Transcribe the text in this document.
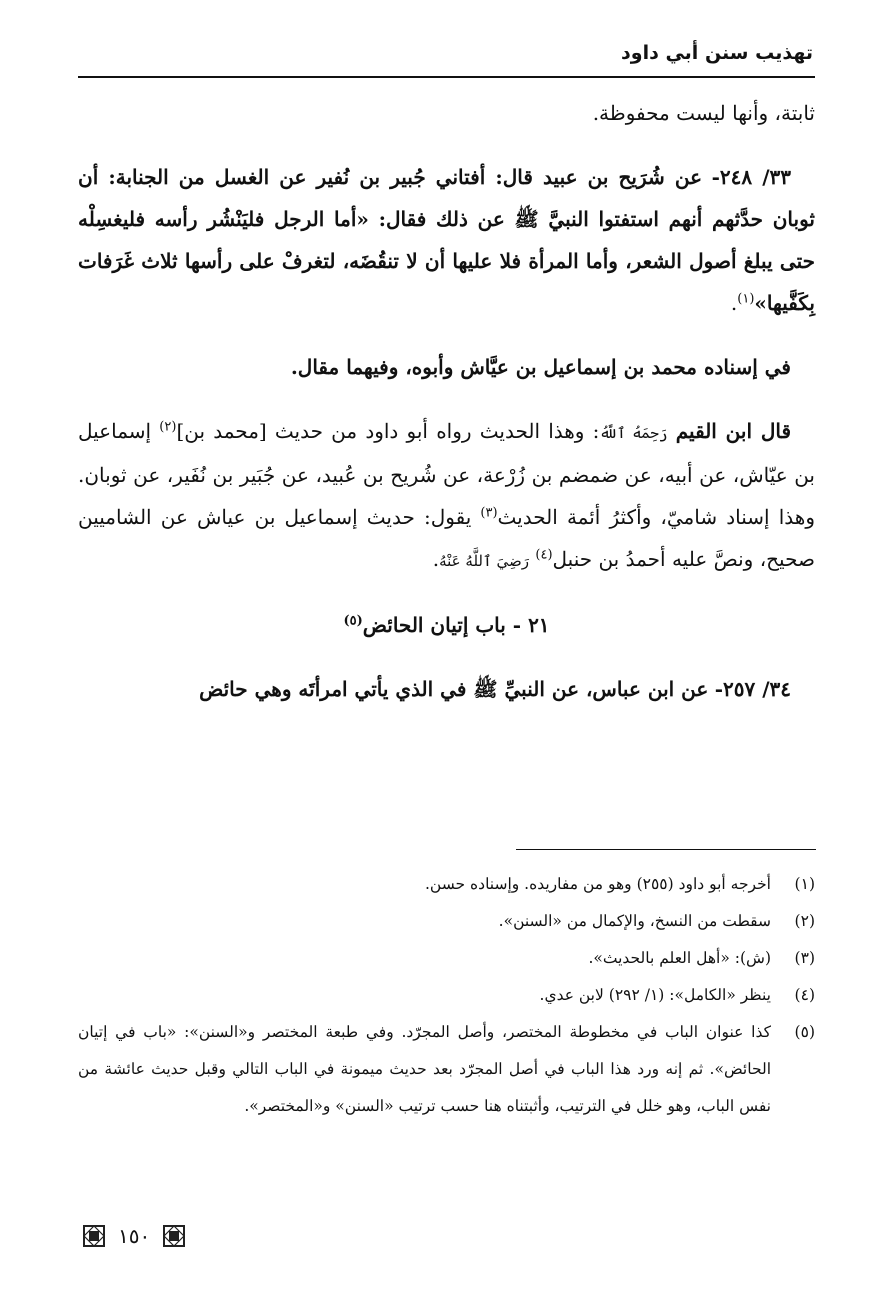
تهذيب سنن أبي داود

ثابتة، وأنها ليست محفوظة.

٣٣/ ٢٤٨- عن شُرَيح بن عبيد قال: أفتاني جُبير بن نُفير عن الغسل من الجنابة: أن ثوبان حدَّثهم أنهم استفتوا النبيَّ ﷺ عن ذلك فقال: «أما الرجل فليَنْشُر رأسه فليغسِلْه حتى يبلغ أصول الشعر، وأما المرأة فلا عليها أن لا تنقُضَه، لتغرفْ على رأسها ثلاث غَرَفات بِكَفَّيها»$^{(١)}$.

في إسناده محمد بن إسماعيل بن عيَّاش وأبوه، وفيهما مقال.

قال ابن القيم رَحِمَهُ ٱللَّهُ: وهذا الحديث رواه أبو داود من حديث [محمد بن]$^{(٢)}$ إسماعيل بن عيّاش، عن أبيه، عن ضمضم بن زُرْعة، عن شُريح بن عُبيد، عن جُبَير بن نُفَير، عن ثوبان. وهذا إسناد شاميّ، وأكثرُ أئمة الحديث$^{(٣)}$ يقول: حديث إسماعيل بن عياش عن الشاميين صحيح، ونصَّ عليه أحمدُ بن حنبل$^{(٤)}$ رَضِيَ ٱللَّهُ عَنْهُ.

٢١ - باب إتيان الحائض$^{(٥)}$

٣٤/ ٢٥٧- عن ابن عباس، عن النبيِّ ﷺ في الذي يأتي امرأتَه وهي حائض

(١)
أخرجه أبو داود (٢٥٥) وهو من مفاريده. وإسناده حسن.
(٢)
سقطت من النسخ، والإكمال من «السنن».
(٣)
(ش): «أهل العلم بالحديث».
(٤)
ينظر «الكامل»: (١/ ٢٩٢) لابن عدي.
(٥)
كذا عنوان الباب في مخطوطة المختصر، وأصل المجرّد. وفي طبعة المختصر و«السنن»: «باب في إتيان الحائض». ثم إنه ورد هذا الباب في أصل المجرّد بعد حديث ميمونة في الباب التالي وقبل حديث عائشة من نفس الباب، وهو خلل في الترتيب، وأثبتناه هنا حسب ترتيب «السنن» و«المختصر».
١٥٠
